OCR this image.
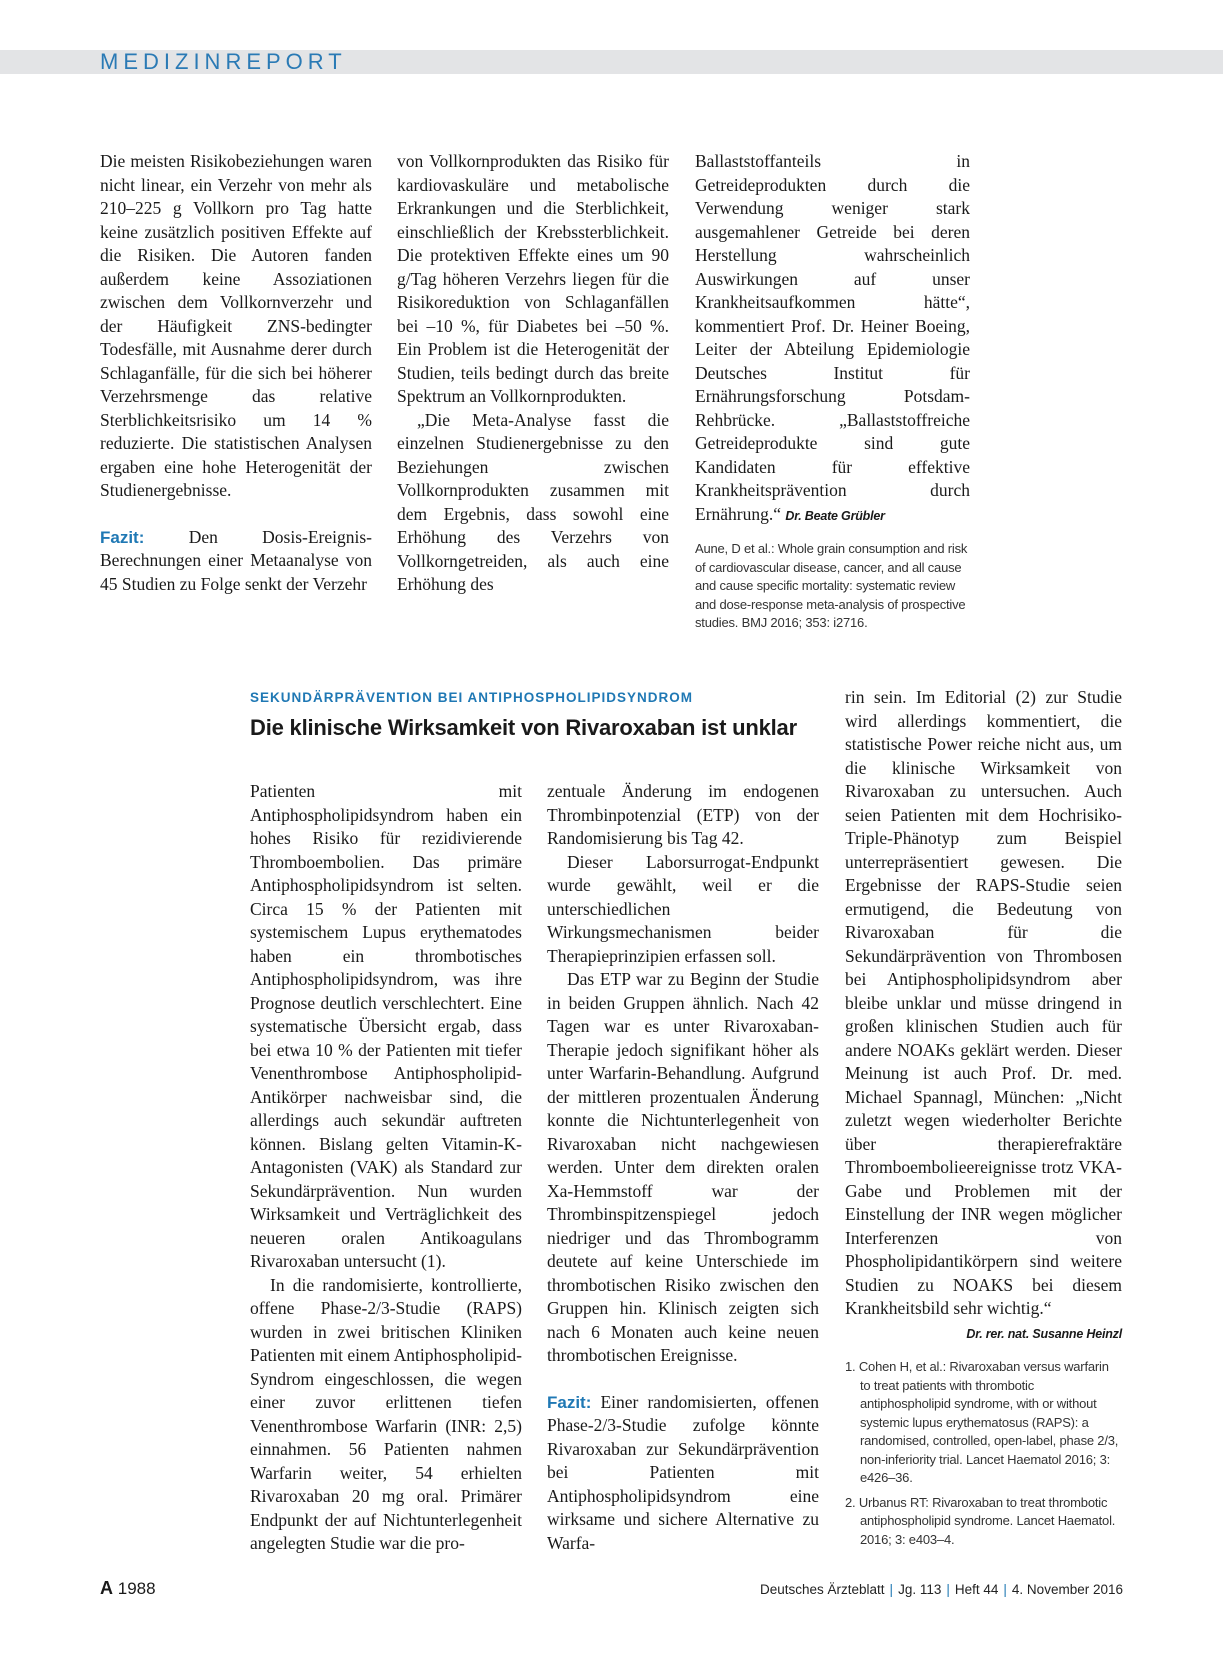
MEDIZINREPORT

Die meisten Risikobeziehungen waren nicht linear, ein Verzehr von mehr als 210–225 g Vollkorn pro Tag hatte keine zusätzlich positiven Effekte auf die Risiken. Die Autoren fanden außerdem keine Assoziationen zwischen dem Vollkornverzehr und der Häufigkeit ZNS-bedingter Todesfälle, mit Ausnahme derer durch Schlaganfälle, für die sich bei höherer Verzehrsmenge das relative Sterblichkeitsrisiko um 14 % reduzierte. Die statistischen Analysen ergaben eine hohe Heterogenität der Studienergebnisse.

Fazit: Den Dosis-Ereignis-Berechnungen einer Metaanalyse von 45 Studien zu Folge senkt der Verzehr

von Vollkornprodukten das Risiko für kardiovaskuläre und metabolische Erkrankungen und die Sterblichkeit, einschließlich der Krebssterblichkeit. Die protektiven Effekte eines um 90 g/Tag höheren Verzehrs liegen für die Risikoreduktion von Schlaganfällen bei –10 %, für Diabetes bei –50 %. Ein Problem ist die Heterogenität der Studien, teils bedingt durch das breite Spektrum an Vollkornprodukten.

„Die Meta-Analyse fasst die einzelnen Studienergebnisse zu den Beziehungen zwischen Vollkornprodukten zusammen mit dem Ergebnis, dass sowohl eine Erhöhung des Verzehrs von Vollkorngetreiden, als auch eine Erhöhung des

Ballaststoffanteils in Getreideprodukten durch die Verwendung weniger stark ausgemahlener Getreide bei deren Herstellung wahrscheinlich Auswirkungen auf unser Krankheitsaufkommen hätte“, kommentiert Prof. Dr. Heiner Boeing, Leiter der Abteilung Epidemiologie Deutsches Institut für Ernährungsforschung Potsdam-Rehbrücke. „Ballaststoffreiche Getreideprodukte sind gute Kandidaten für effektive Krankheitsprävention durch Ernährung.“ Dr. Beate Grübler

Aune, D et al.: Whole grain consumption and risk of cardiovascular disease, cancer, and all cause and cause specific mortality: systematic review and dose-response meta-analysis of prospective studies. BMJ 2016; 353: i2716.

SEKUNDÄRPRÄVENTION BEI ANTIPHOSPHOLIPIDSYNDROM
Die klinische Wirksamkeit von Rivaroxaban ist unklar

Patienten mit Antiphospholipidsyndrom haben ein hohes Risiko für rezidivierende Thromboembolien. Das primäre Antiphospholipidsyndrom ist selten. Circa 15 % der Patienten mit systemischem Lupus erythematodes haben ein thrombotisches Antiphospholipidsyndrom, was ihre Prognose deutlich verschlechtert. Eine systematische Übersicht ergab, dass bei etwa 10 % der Patienten mit tiefer Venenthrombose Antiphospholipid-Antikörper nachweisbar sind, die allerdings auch sekundär auftreten können. Bislang gelten Vitamin-K-Antagonisten (VAK) als Standard zur Sekundärprävention. Nun wurden Wirksamkeit und Verträglichkeit des neueren oralen Antikoagulans Rivaroxaban untersucht (1).

In die randomisierte, kontrollierte, offene Phase-2/3-Studie (RAPS) wurden in zwei britischen Kliniken Patienten mit einem Antiphospholipid-Syndrom eingeschlossen, die wegen einer zuvor erlittenen tiefen Venenthrombose Warfarin (INR: 2,5) einnahmen. 56 Patienten nahmen Warfarin weiter, 54 erhielten Rivaroxaban 20 mg oral. Primärer Endpunkt der auf Nichtunterlegenheit angelegten Studie war die pro-

zentuale Änderung im endogenen Thrombinpotenzial (ETP) von der Randomisierung bis Tag 42.

Dieser Laborsurrogat-Endpunkt wurde gewählt, weil er die unterschiedlichen Wirkungsmechanismen beider Therapieprinzipien erfassen soll.

Das ETP war zu Beginn der Studie in beiden Gruppen ähnlich. Nach 42 Tagen war es unter Rivaroxaban-Therapie jedoch signifikant höher als unter Warfarin-Behandlung. Aufgrund der mittleren prozentualen Änderung konnte die Nichtunterlegenheit von Rivaroxaban nicht nachgewiesen werden. Unter dem direkten oralen Xa-Hemmstoff war der Thrombinspitzenspiegel jedoch niedriger und das Thrombogramm deutete auf keine Unterschiede im thrombotischen Risiko zwischen den Gruppen hin. Klinisch zeigten sich nach 6 Monaten auch keine neuen thrombotischen Ereignisse.

Fazit: Einer randomisierten, offenen Phase-2/3-Studie zufolge könnte Rivaroxaban zur Sekundärprävention bei Patienten mit Antiphospholipidsyndrom eine wirksame und sichere Alternative zu Warfa-

rin sein. Im Editorial (2) zur Studie wird allerdings kommentiert, die statistische Power reiche nicht aus, um die klinische Wirksamkeit von Rivaroxaban zu untersuchen. Auch seien Patienten mit dem Hochrisiko-Triple-Phänotyp zum Beispiel unterrepräsentiert gewesen. Die Ergebnisse der RAPS-Studie seien ermutigend, die Bedeutung von Rivaroxaban für die Sekundärprävention von Thrombosen bei Antiphospholipidsyndrom aber bleibe unklar und müsse dringend in großen klinischen Studien auch für andere NOAKs geklärt werden. Dieser Meinung ist auch Prof. Dr. med. Michael Spannagl, München: „Nicht zuletzt wegen wiederholter Berichte über therapierefraktäre Thromboembolieereignisse trotz VKA-Gabe und Problemen mit der Einstellung der INR wegen möglicher Interferenzen von Phospholipidantikörpern sind weitere Studien zu NOAKS bei diesem Krankheitsbild sehr wichtig.“

Dr. rer. nat. Susanne Heinzl
1. Cohen H, et al.: Rivaroxaban versus warfarin to treat patients with thrombotic antiphospholipid syndrome, with or without systemic lupus erythematosus (RAPS): a randomised, controlled, open-label, phase 2/3, non-inferiority trial. Lancet Haematol 2016; 3: e426–36.
2. Urbanus RT: Rivaroxaban to treat thrombotic antiphospholipid syndrome. Lancet Haematol. 2016; 3: e403–4.
A 1988	Deutsches Ärzteblatt | Jg. 113 | Heft 44 | 4. November 2016
